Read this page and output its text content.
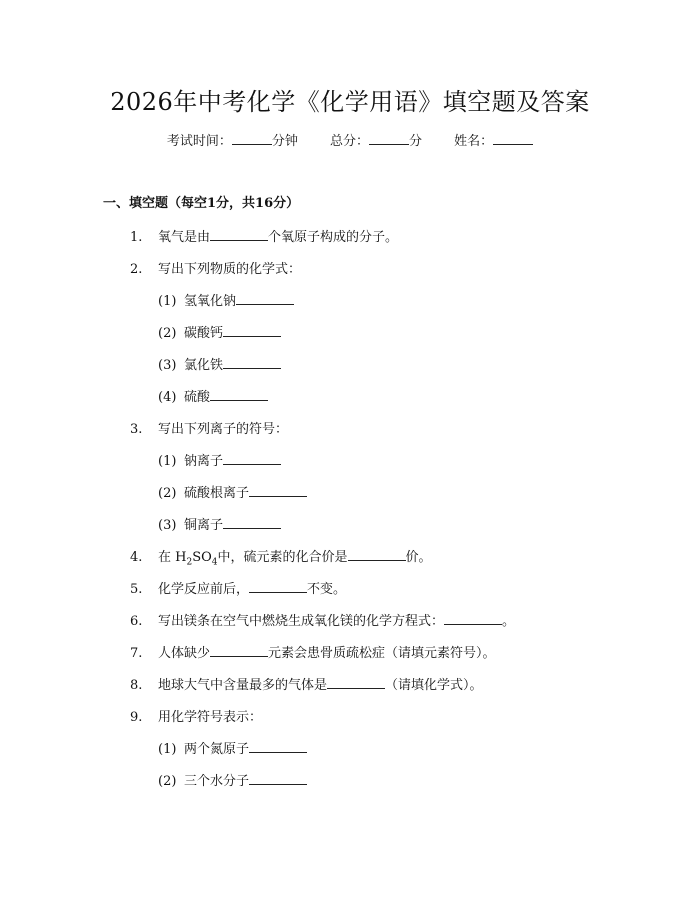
2026年中考化学《化学用语》填空题及答案
考试时间：	分钟 总分：	分 姓名：
一、填空题（每空1分，共16分）
1. 氧气是由	个氧原子构成的分子。
2. 写出下列物质的化学式：
(1) 氢氧化钠
(2) 碳酸钙
(3) 氯化铁
(4) 硫酸
3. 写出下列离子的符号：
(1) 钠离子
(2) 硫酸根离子
(3) 铜离子
4. 在 $H_2SO_4$中，硫元素的化合价是	价。
5. 化学反应前后，	不变。
6. 写出镁条在空气中燃烧生成氧化镁的化学方程式：	。
7. 人体缺少	元素会患骨质疏松症（请填元素符号）。
8. 地球大气中含量最多的气体是	（请填化学式）。
9. 用化学符号表示：
(1) 两个氮原子
(2) 三个水分子
